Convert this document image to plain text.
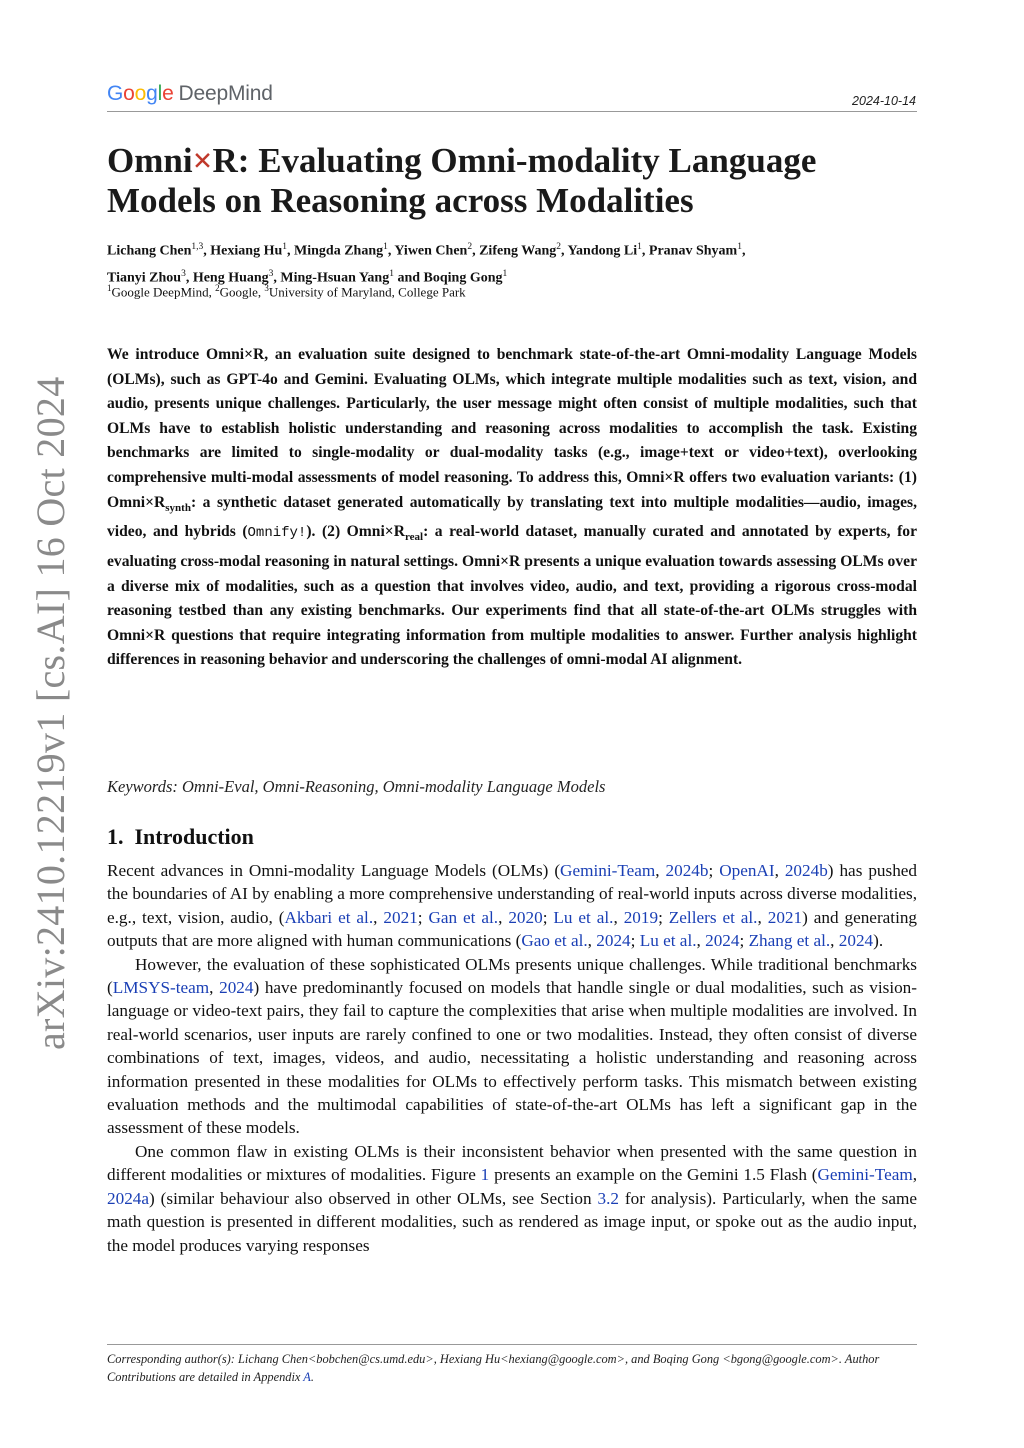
Google DeepMind	2024-10-14
Omni×R: Evaluating Omni-modality Language
Models on Reasoning across Modalities
Lichang Chen$^{1,3}$, Hexiang Hu$^1$, Mingda Zhang$^1$, Yiwen Chen$^2$, Zifeng Wang$^2$, Yandong Li$^1$, Pranav Shyam$^1$,
Tianyi Zhou$^3$, Heng Huang$^3$, Ming-Hsuan Yang$^1$ and Boqing Gong$^1$
$^1$Google DeepMind, $^2$Google, $^3$University of Maryland, College Park
We introduce Omni×R, an evaluation suite designed to benchmark state-of-the-art Omni-modality Language Models (OLMs), such as GPT-4o and Gemini. Evaluating OLMs, which integrate multiple modalities such as text, vision, and audio, presents unique challenges. Particularly, the user message might often consist of multiple modalities, such that OLMs have to establish holistic understanding and reasoning across modalities to accomplish the task. Existing benchmarks are limited to single-modality or dual-modality tasks (e.g., image+text or video+text), overlooking comprehensive multi-modal assessments of model reasoning. To address this, Omni×R offers two evaluation variants: (1) $Omni\times R_{synth}$: a synthetic dataset generated automatically by translating text into multiple modalities—audio, images, video, and hybrids (Omnify!). (2) $Omni\times R_{real}$: a real-world dataset, manually curated and annotated by experts, for evaluating cross-modal reasoning in natural settings. Omni×R presents a unique evaluation towards assessing OLMs over a diverse mix of modalities, such as a question that involves video, audio, and text, providing a rigorous cross-modal reasoning testbed than any existing benchmarks. Our experiments find that all state-of-the-art OLMs struggles with Omni×R questions that require integrating information from multiple modalities to answer. Further analysis highlight differences in reasoning behavior and underscoring the challenges of omni-modal AI alignment.
Keywords: Omni-Eval, Omni-Reasoning, Omni-modality Language Models
1. Introduction

Recent advances in Omni-modality Language Models (OLMs) (Gemini-Team, 2024b; OpenAI, 2024b) has pushed the boundaries of AI by enabling a more comprehensive understanding of real-world inputs across diverse modalities, e.g., text, vision, audio, (Akbari et al., 2021; Gan et al., 2020; Lu et al., 2019; Zellers et al., 2021) and generating outputs that are more aligned with human communications (Gao et al., 2024; Lu et al., 2024; Zhang et al., 2024).

However, the evaluation of these sophisticated OLMs presents unique challenges. While traditional benchmarks (LMSYS-team, 2024) have predominantly focused on models that handle single or dual modalities, such as vision-language or video-text pairs, they fail to capture the complexities that arise when multiple modalities are involved. In real-world scenarios, user inputs are rarely confined to one or two modalities. Instead, they often consist of diverse combinations of text, images, videos, and audio, necessitating a holistic understanding and reasoning across information presented in these modalities for OLMs to effectively perform tasks. This mismatch between existing evaluation methods and the multimodal capabilities of state-of-the-art OLMs has left a significant gap in the assessment of these models.

One common flaw in existing OLMs is their inconsistent behavior when presented with the same question in different modalities or mixtures of modalities. Figure 1 presents an example on the Gemini 1.5 Flash (Gemini-Team, 2024a) (similar behaviour also observed in other OLMs, see Section 3.2 for analysis). Particularly, when the same math question is presented in different modalities, such as rendered as image input, or spoke out as the audio input, the model produces varying responses

Corresponding author(s): Lichang Chen<bobchen@cs.umd.edu>, Hexiang Hu<hexiang@google.com>, and Boqing Gong <bgong@google.com>. Author Contributions are detailed in Appendix A.
arXiv:2410.12219v1 [cs.AI] 16 Oct 2024
